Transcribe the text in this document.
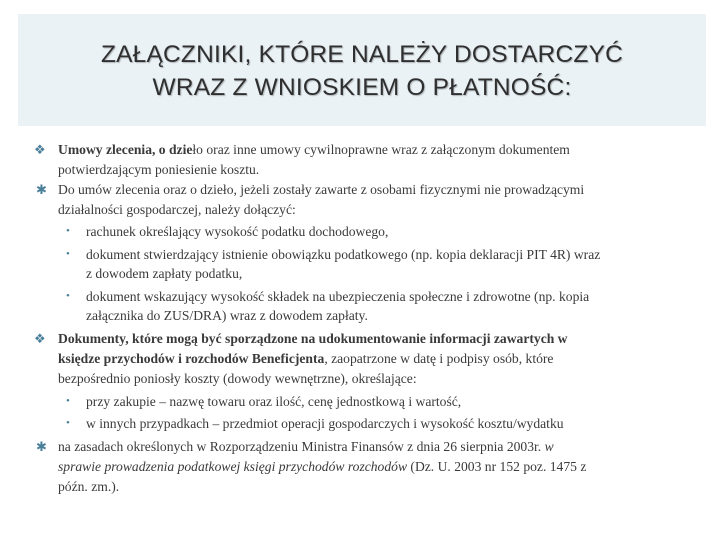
ZAŁĄCZNIKI, KTÓRE NALEŻY DOSTARCZYĆ
WRAZ Z WNIOSKIEM O PŁATNOŚĆ:
❖ Umowy zlecenia, o dzieło oraz inne umowy cywilnoprawne wraz z załączonym dokumentem
potwierdzającym poniesienie kosztu.
✱ Do umów zlecenia oraz o dzieło, jeżeli zostały zawarte z osobami fizycznymi nie prowadzącymi
działalności gospodarczej, należy dołączyć:
• rachunek określający wysokość podatku dochodowego,
• dokument stwierdzający istnienie obowiązku podatkowego (np. kopia deklaracji PIT 4R) wraz
z dowodem zapłaty podatku,
• dokument wskazujący wysokość składek na ubezpieczenia społeczne i zdrowotne (np. kopia
załącznika do ZUS/DRA) wraz z dowodem zapłaty.
❖ Dokumenty, które mogą być sporządzone na udokumentowanie informacji zawartych w
księdze przychodów i rozchodów Beneficjenta, zaopatrzone w datę i podpisy osób, które
bezpośrednio poniosły koszty (dowody wewnętrzne), określające:
• przy zakupie – nazwę towaru oraz ilość, cenę jednostkową i wartość,
• w innych przypadkach – przedmiot operacji gospodarczych i wysokość kosztu/wydatku
✱ na zasadach określonych w Rozporządzeniu Ministra Finansów z dnia 26 sierpnia 2003r. w
sprawie prowadzenia podatkowej księgi przychodów rozchodów (Dz. U. 2003 nr 152 poz. 1475 z
późn. zm.).
